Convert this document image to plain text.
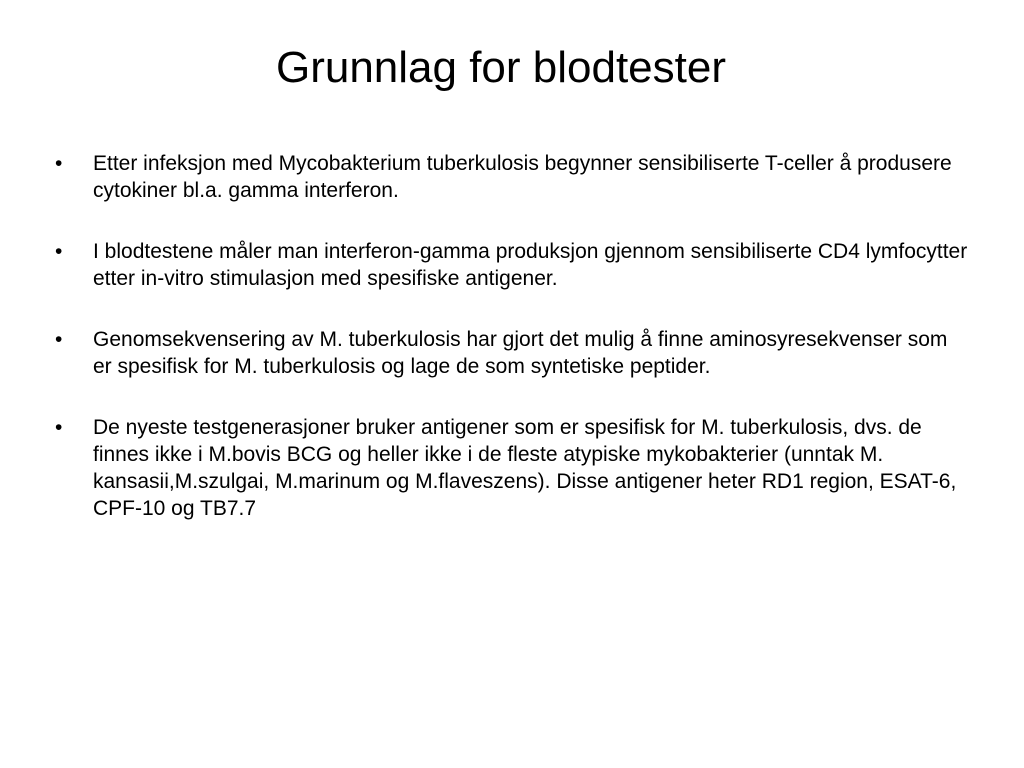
Grunnlag for blodtester
•	Etter infeksjon med Mycobakterium tuberkulosis begynner sensibiliserte T-celler å produsere cytokiner bl.a. gamma interferon.
•	I blodtestene måler man interferon-gamma produksjon gjennom sensibiliserte CD4 lymfocytter etter in-vitro stimulasjon med spesifiske antigener.
•	Genomsekvensering av M. tuberkulosis har gjort det mulig å finne aminosyresekvenser som er spesifisk for M. tuberkulosis og lage de som syntetiske peptider.
•	De nyeste testgenerasjoner bruker antigener som er spesifisk for M. tuberkulosis, dvs. de finnes ikke i M.bovis BCG og heller ikke i de fleste atypiske mykobakterier (unntak M. kansasii,M.szulgai, M.marinum og M.flaveszens). Disse antigener heter RD1 region, ESAT-6, CPF-10 og TB7.7
